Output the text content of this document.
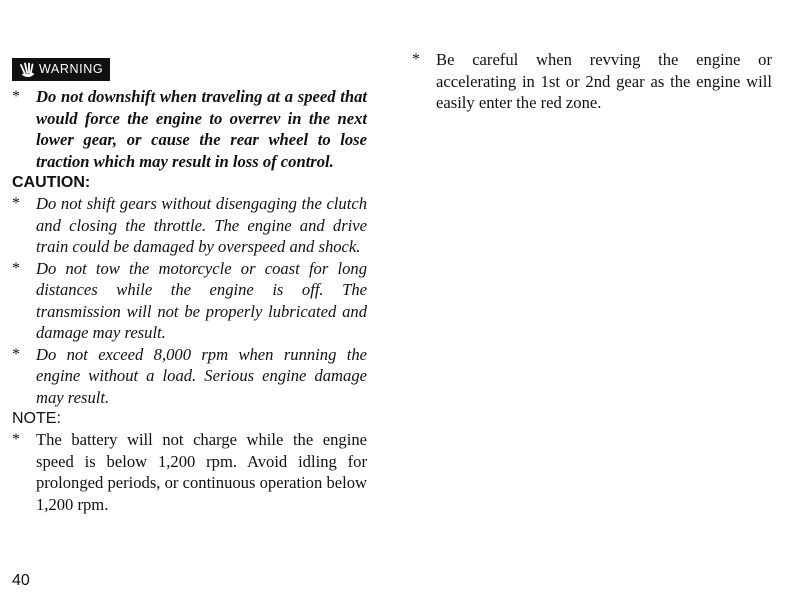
WARNING
* Do not downshift when traveling at a speed that would force the engine to overrev in the next lower gear, or cause the rear wheel to lose traction which may result in loss of control.
CAUTION:
* Do not shift gears without disengaging the clutch and closing the throttle. The engine and drive train could be damaged by overspeed and shock.
* Do not tow the motorcycle or coast for long distances while the engine is off. The transmission will not be properly lubricated and damage may result.
* Do not exceed 8,000 rpm when running the engine without a load. Serious engine damage may result.
NOTE:
* The battery will not charge while the engine speed is below 1,200 rpm. Avoid idling for prolonged periods, or continuous operation below 1,200 rpm.
* Be careful when revving the engine or accelerating in 1st or 2nd gear as the engine will easily enter the red zone.
40
